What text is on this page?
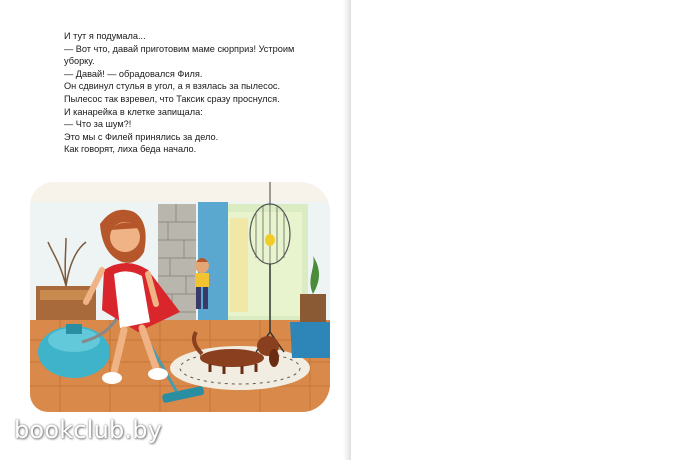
И тут я подумала...
— Вот что, давай приготовим маме сюрприз! Устроим
уборку.
— Давай! — обрадовался Филя.
Он сдвинул стулья в угол, а я взялась за пылесос.
Пылесос так взревел, что Таксик сразу проснулся.
И канарейка в клетке запищала:
— Что за шум?!
Это мы с Филей принялись за дело.
Как говорят, лиха беда начало.
bookclub.by
